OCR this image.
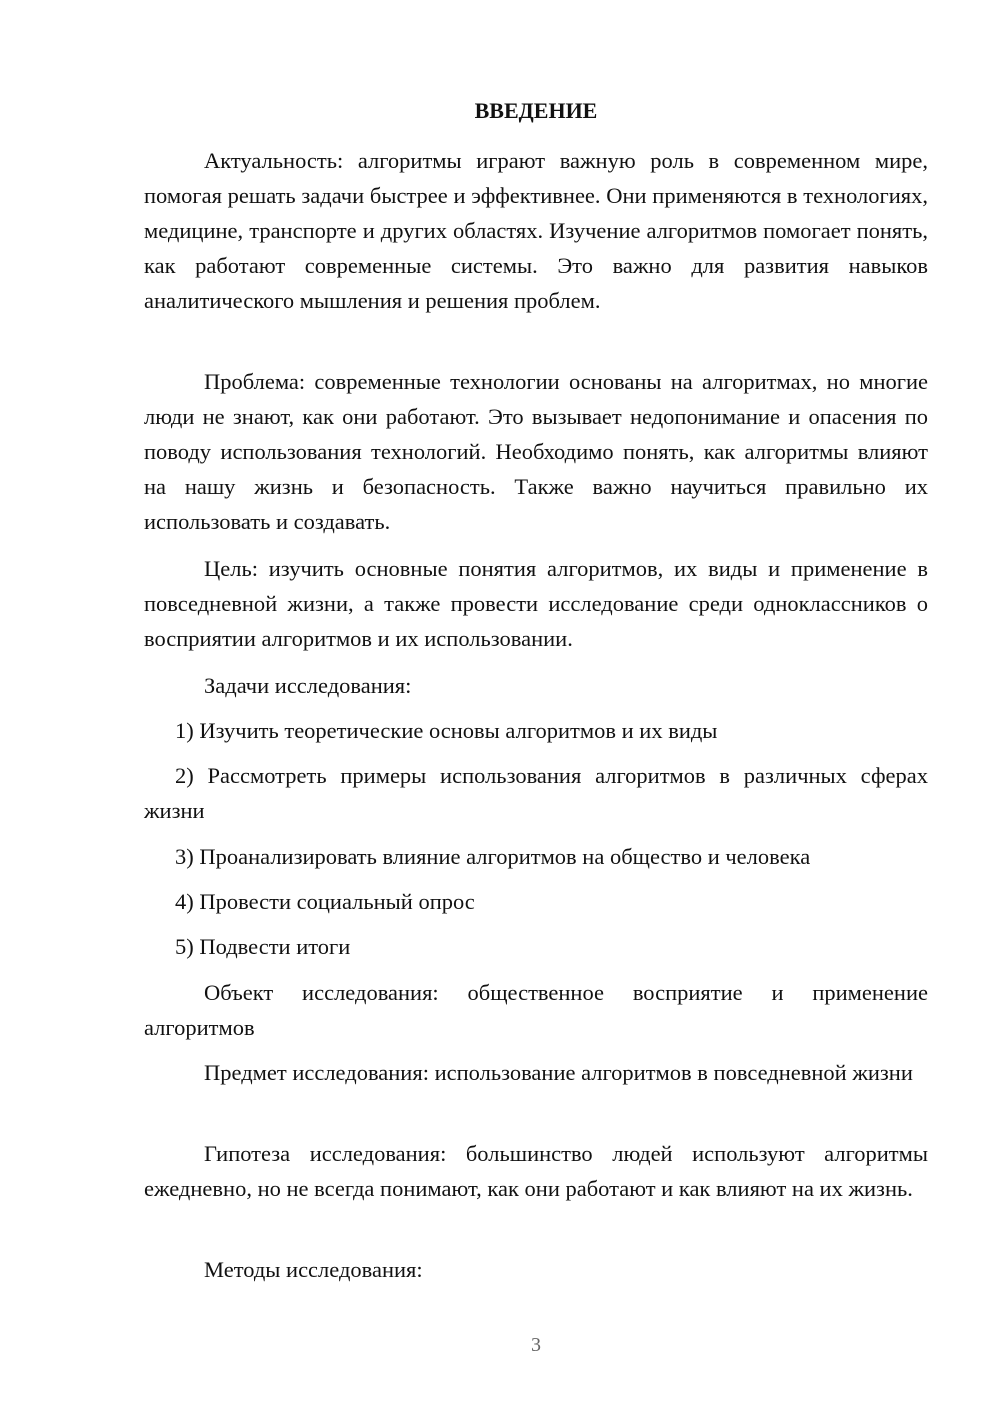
ВВЕДЕНИЕ

Актуальность: алгоритмы играют важную роль в современном мире, помогая решать задачи быстрее и эффективнее. Они применяются в технологиях, медицине, транспорте и других областях. Изучение алгоритмов помогает понять, как работают современные системы. Это важно для развития навыков аналитического мышления и решения проблем.

Проблема: современные технологии основаны на алгоритмах, но многие люди не знают, как они работают. Это вызывает недопонимание и опасения по поводу использования технологий. Необходимо понять, как алгоритмы влияют на нашу жизнь и безопасность. Также важно научиться правильно их использовать и создавать.

Цель: изучить основные понятия алгоритмов, их виды и применение в повседневной жизни, а также провести исследование среди одноклассников о восприятии алгоритмов и их использовании.

Задачи исследования:

1) Изучить теоретические основы алгоритмов и их виды

2) Рассмотреть примеры использования алгоритмов в различных сферах жизни

3) Проанализировать влияние алгоритмов на общество и человека

4) Провести социальный опрос

5) Подвести итоги

Объект исследования: общественное восприятие и применение алгоритмов

Предмет исследования: использование алгоритмов в повседневной жизни

Гипотеза исследования: большинство людей используют алгоритмы ежедневно, но не всегда понимают, как они работают и как влияют на их жизнь.

Методы исследования:

3
